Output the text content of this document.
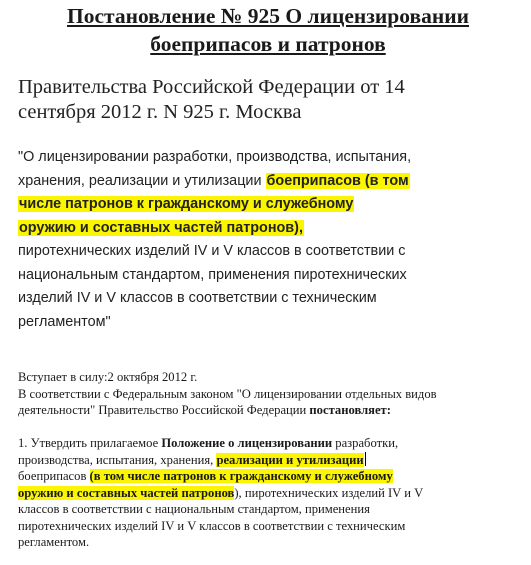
Постановление № 925 О лицензировании
боеприпасов и патронов
Правительства Российской Федерации от 14
сентября 2012 г. N 925 г. Москва
"О лицензировании разработки, производства, испытания,
хранения, реализации и утилизации боеприпасов (в том
числе патронов к гражданскому и служебному
оружию и составных частей патронов),
пиротехнических изделий IV и V классов в соответствии с
национальным стандартом, применения пиротехнических
изделий IV и V классов в соответствии с техническим
регламентом"
Вступает в силу:2 октября 2012 г.
В соответствии с Федеральным законом "О лицензировании отдельных видов
деятельности" Правительство Российской Федерации постановляет:
1. Утвердить прилагаемое Положение о лицензировании разработки,
производства, испытания, хранения, реализации и утилизации
боеприпасов (в том числе патронов к гражданскому и служебному
оружию и составных частей патронов), пиротехнических изделий IV и V
классов в соответствии с национальным стандартом, применения
пиротехнических изделий IV и V классов в соответствии с техническим
регламентом.
